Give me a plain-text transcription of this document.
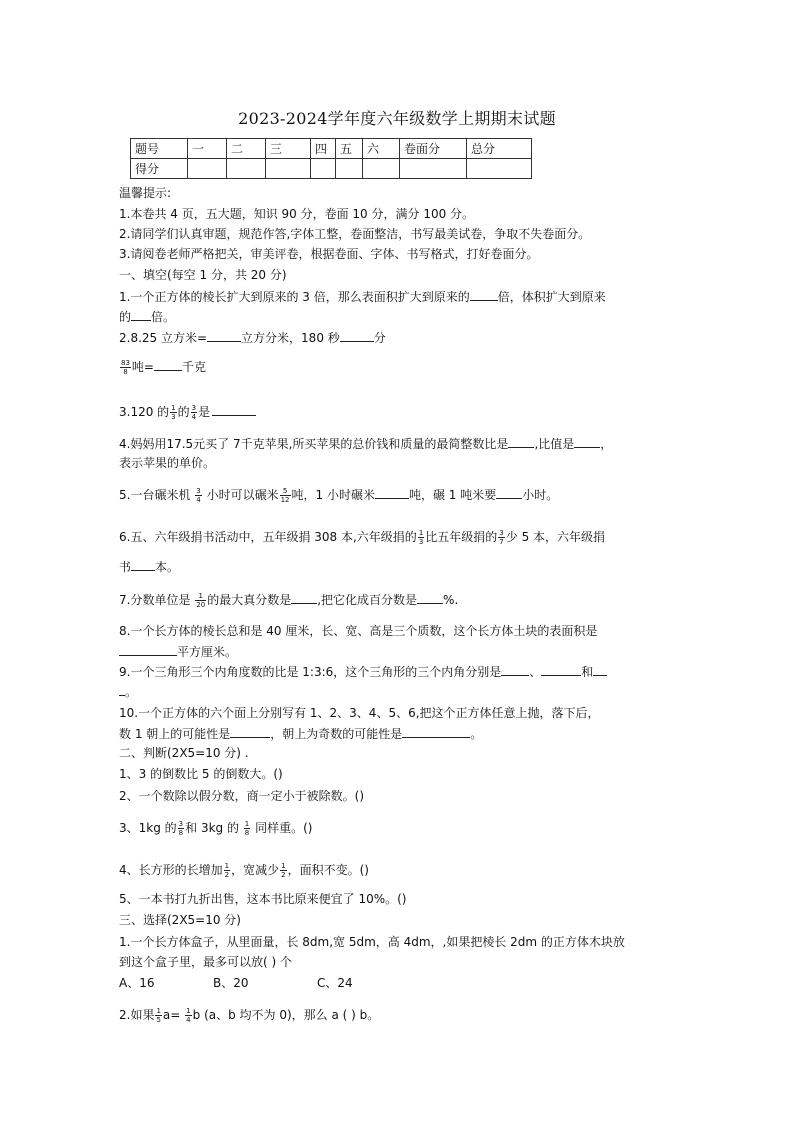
2023-2024学年度六年级数学上期期末试题
题号	一	二	三	四	五	六	卷面分	总分
得分								
温馨提示:
1.本卷共 4 页，五大题，知识 90 分，卷面 10 分，满分 100 分。
2.请同学们认真审题，规范作答,字体工整，卷面整洁，书写最美试卷，争取不失卷面分。
3.请阅卷老师严格把关，审美评卷，根据卷面、字体、书写格式，打好卷面分。
一、填空(每空 1 分，共 20 分)
1.一个正方体的棱长扩大到原来的 3 倍，那么表面积扩大到原来的 倍，体积扩大到原来
的 倍。
2.8.25 立方米=	立方分米，180 秒	分
$\frac{83}{8}$ 吨= 千克
3.120 的 $\frac{1}{3}$ 的 $\frac{3}{4}$ 是
4.妈妈用17.5元买了 7千克苹果,所买苹果的总价钱和质量的最简整数比是 ,比值是 ，
表示苹果的单价。
5.一台碾米机 $\frac{3}{4}$ 小时可以碾米 $\frac{5}{12}$ 吨，1 小时碾米	吨，碾 1 吨米要 小时。
6.五、六年级捐书活动中，五年级捐 308 本,六年级捐的 $\frac{1}{3}$ 比五年级捐的 $\frac{3}{7}$ 少 5 本，六年级捐
书 本。
7.分数单位是 $\frac{1}{20}$ 的最大真分数是 ,把它化成百分数是 %.
8.一个长方体的棱长总和是 40 厘米，长、宽、高是三个质数，这个长方体土块的表面积是
平方厘米。
9.一个三角形三个内角度数的比是 1:3:6，这个三角形的三个内角分别是 、	和
。
10.一个正方体的六个面上分别写有 1、2、3、4、5、6,把这个正方体任意上抛，落下后，
数 1 朝上的可能性是	，朝上为奇数的可能性是	。
二、判断(2X5=10 分) .
1、3 的倒数比 5 的倒数大。()
2、一个数除以假分数，商一定小于被除数。()
3、1kg 的 $\frac{3}{8}$ 和 3kg 的 $\frac{1}{8}$ 同样重。()
4、长方形的长增加 $\frac{1}{2}$ ，宽减少 $\frac{1}{2}$ ，面积不变。()
5、一本书打九折出售，这本书比原来便宜了 10%。()
三、选择(2X5=10 分)
1.一个长方体盒子，从里面量，长 8dm,宽 5dm，高 4dm，,如果把棱长 2dm 的正方体木块放
到这个盒子里，最多可以放( ) 个
A、16	B、20	C、24
2.如果 $\frac{1}{5} a= \frac{1}{4}$ b (a、b 均不为 0)，那么 a ( ) b。
